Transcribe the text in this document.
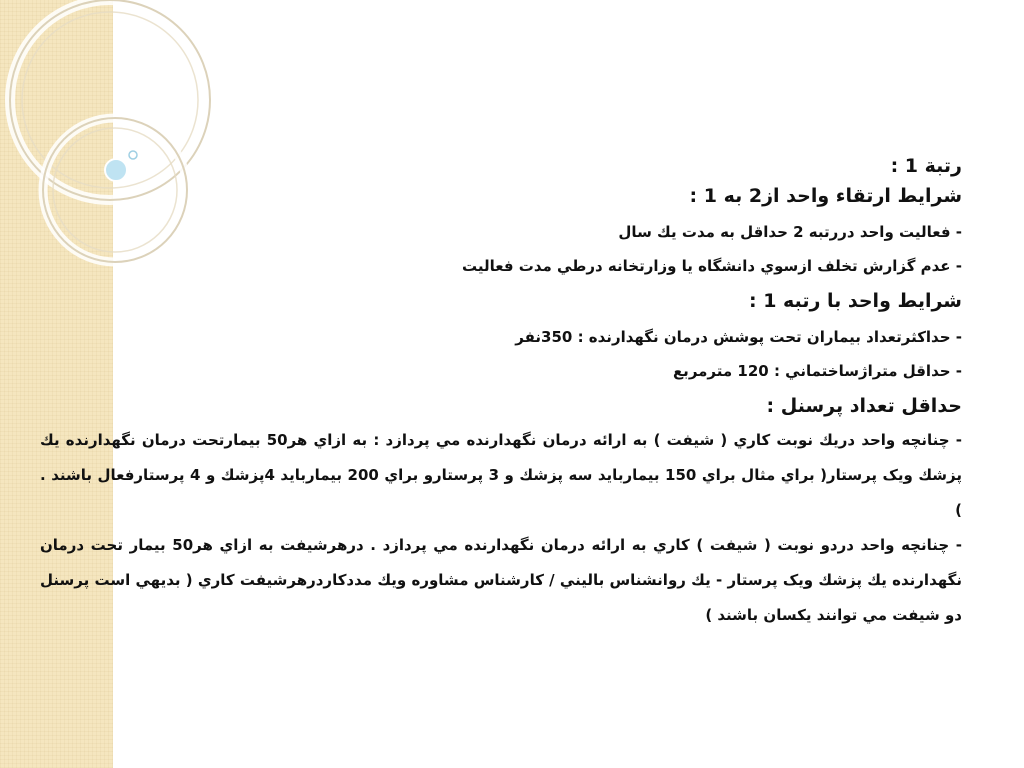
رتبة 1 :
شرايط ارتقاء واحد از2 به 1 :
- فعاليت واحد دررتبه 2 حداقل به مدت يك سال
- عدم گزارش تخلف ازسوي دانشگاه يا وزارتخانه درطي مدت فعاليت
شرايط واحد با رتبه 1 :
- حداكثرتعداد بيماران تحت پوشش درمان نگهدارنده : 350نفر
- حداقل متراژساختماني : 120 مترمربع
حداقل تعداد پرسنل :

- چنانچه واحد دريك نوبت كاري ( شيفت ) به ارائه درمان نگهدارنده مي پردازد : به ازاي هر50 بيمارتحت درمان نگهدارنده يك پزشك ويک پرستار( براي مثال براي 150 بيماربايد سه پزشك و 3 پرستارو براي 200 بيماربايد 4پزشك و 4 پرستارفعال باشند . )

- چنانچه واحد دردو نوبت ( شيفت ) كاري به ارائه درمان نگهدارنده مي پردازد . درهرشيفت به ازاي هر50 بيمار تحت درمان نگهدارنده يك پزشك ويک پرستار - يك روانشناس باليني / كارشناس مشاوره ويك مددكاردرهرشيفت كاري ( بديهي است پرسنل دو شيفت مي توانند يكسان باشند )
